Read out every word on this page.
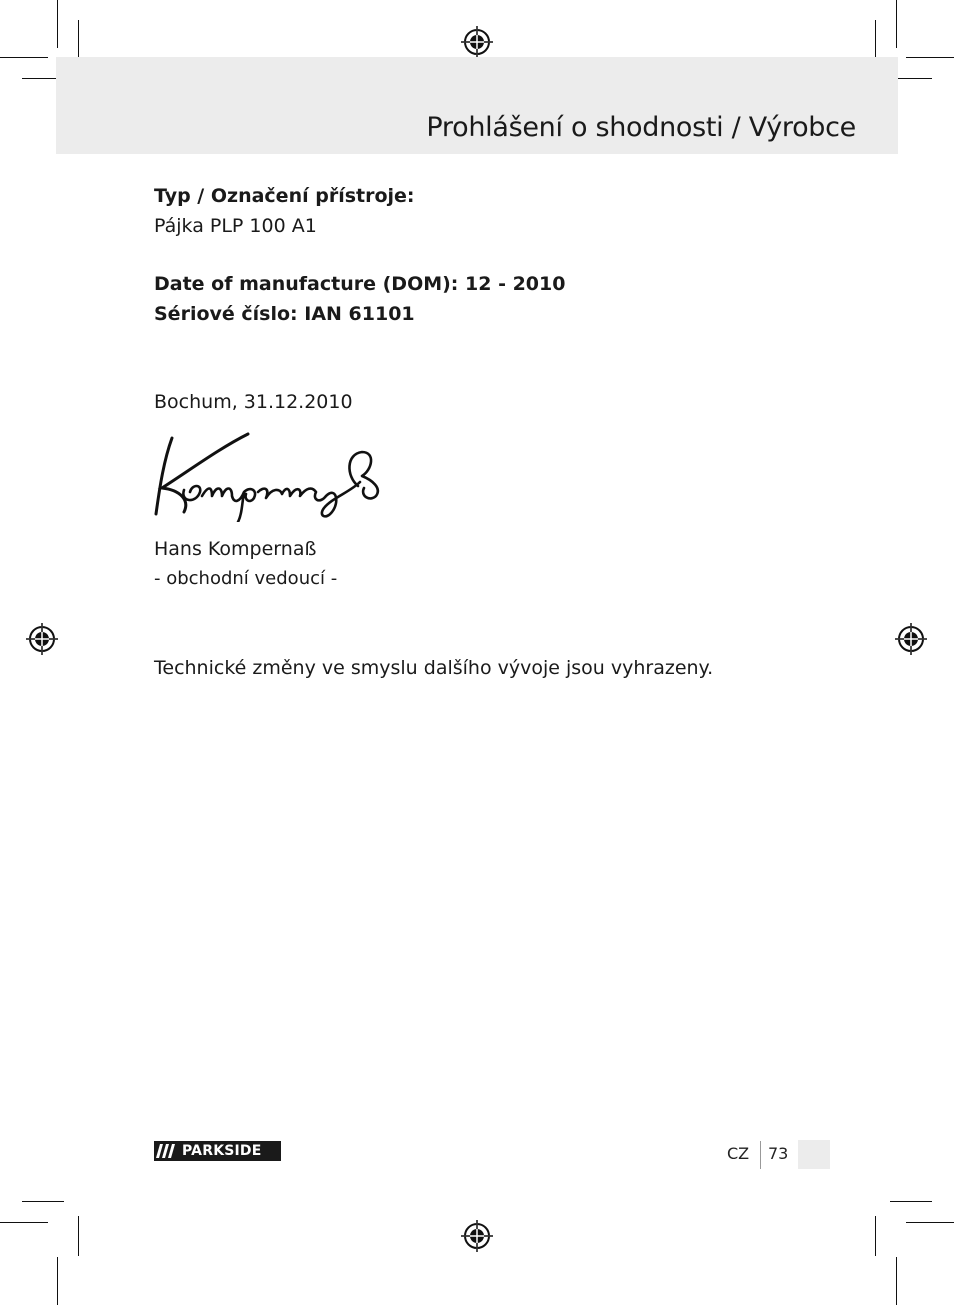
Prohlášení o shodnosti / Výrobce
Typ / Označení přístroje:
Pájka PLP 100 A1
Date of manufacture (DOM): 12 - 2010
Sériové číslo: IAN 61101
Bochum, 31.12.2010
Hans Kompernaß
- obchodní vedoucí -
Technické změny ve smyslu dalšího vývoje jsou vyhrazeny.
PARKSIDE	CZ 73
